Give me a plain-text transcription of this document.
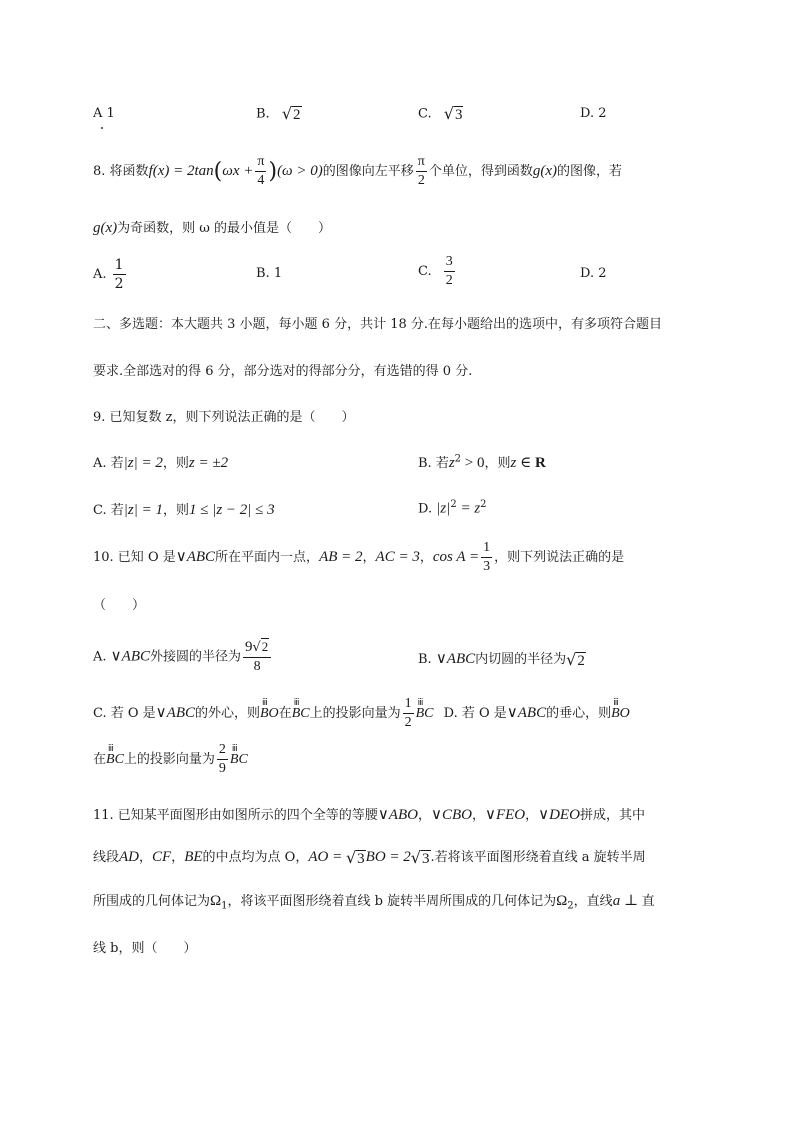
A 1	B. √2	C. √3	D. 2
8. 将函数$f(x) = 2\tan(\omega x + \frac{\pi}{4} )(\omega > 0)$的图像向左平移 $\frac{\pi}{2}$ 个单位，得到函数g(x)的图像，若
g(x)为奇函数，则 ω 的最小值是（　　）
A. $\frac{1}{2}$	B. 1	C. $\frac{3}{2}$	D. 2
二、多选题：本大题共 3 小题，每小题 6 分，共计 18 分.在每小题给出的选项中，有多项符合题目
要求.全部选对的得 6 分，部分选对的得部分分，有选错的得 0 分.
9. 已知复数 z，则下列说法正确的是（　　）
A. 若|z| = 2，则z = ±2	B. 若$z^2 > 0$，则z ∈ R
C. 若|z| = 1，则1 ≤ |z − 2| ≤ 3	D. $|z|^2 = z^2$
10. 已知 O 是∨ABC所在平面内一点，AB = 2，AC = 3，$\cos A = \frac{1}{3}$ ，则下列说法正确的是
（　　）
A. ∨ABC外接圆的半径为 $\frac{9√2}{8}$	B. ∨ABC内切圆的半径为√2
C. 若 O 是∨ABC的外心，则ⅲ BO在ⅲ BC上的投影向量为 $\frac{1}{2}$ ⅲ BC D. 若 O 是∨ABC的垂心，则ⅲ BO
在ⅲ BC上的投影向量为 $\frac{2}{9}$ ⅲ BC
11. 已知某平面图形由如图所示的四个全等的等腰∨ABO，∨CBO，∨FEO，∨DEO拼成，其中
线段AD，CF，BE的中点均为点 O，AO = √3BO = 2√3.若将该平面图形绕着直线 a 旋转半周
所围成的几何体记为$\Omega_1$，将该平面图形绕着直线 b 旋转半周所围成的几何体记为$\Omega_2$，直线a ⊥ 直
线 b，则（　　）
